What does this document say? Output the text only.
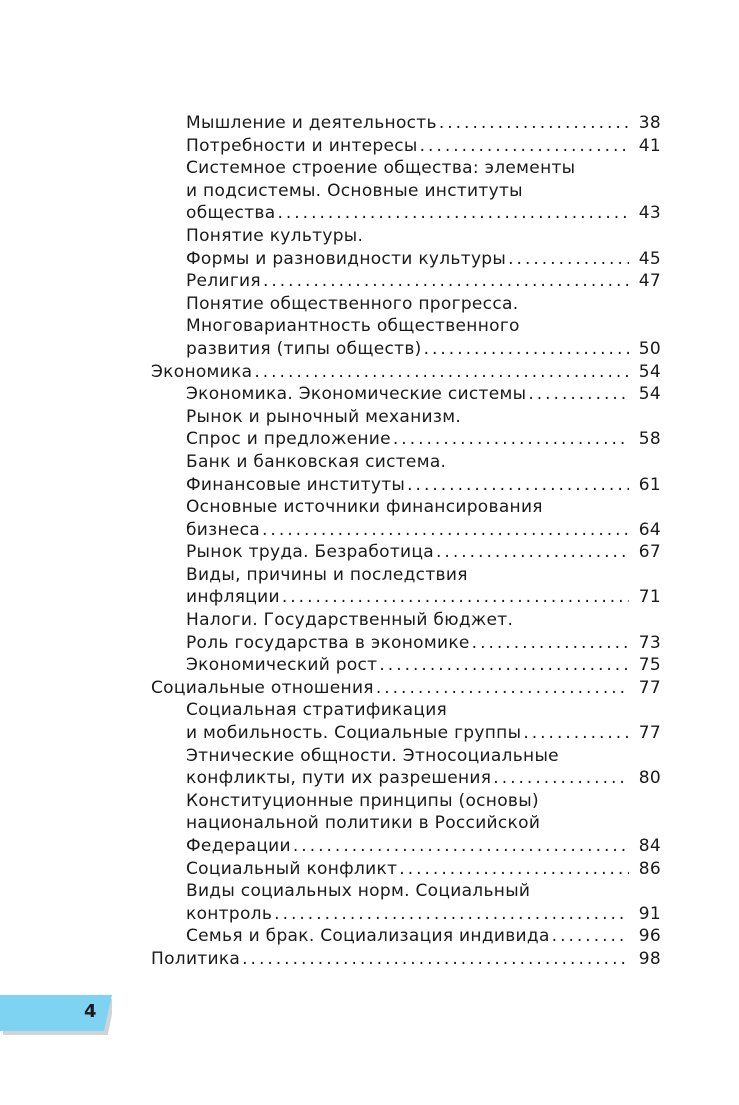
Мышление и деятельность . . .	38
Потребности и интересы . . .	41
Системное строение общества: элементы
и подсистемы. Основные институты
общества . . .	43
Понятие культуры.
Формы и разновидности культуры . . .	45
Религия . . .	47
Понятие общественного прогресса.
Многовариантность общественного
развития (типы обществ) . . .	50
Экономика . . .	54
Экономика. Экономические системы . . .	54
Рынок и рыночный механизм.
Спрос и предложение . . .	58
Банк и банковская система.
Финансовые институты . . .	61
Основные источники финансирования
бизнеса . . .	64
Рынок труда. Безработица . . .	67
Виды, причины и последствия
инфляции . . .	71
Налоги. Государственный бюджет.
Роль государства в экономике . . .	73
Экономический рост . . .	75
Социальные отношения . . .	77
Социальная стратификация
и мобильность. Социальные группы . . .	77
Этнические общности. Этносоциальные
конфликты, пути их разрешения . . .	80
Конституционные принципы (основы)
национальной политики в Российской
Федерации . . .	84
Социальный конфликт . . .	86
Виды социальных норм. Социальный
контроль . . .	91
Семья и брак. Социализация индивида . . .	96
Политика . . .	98
4
